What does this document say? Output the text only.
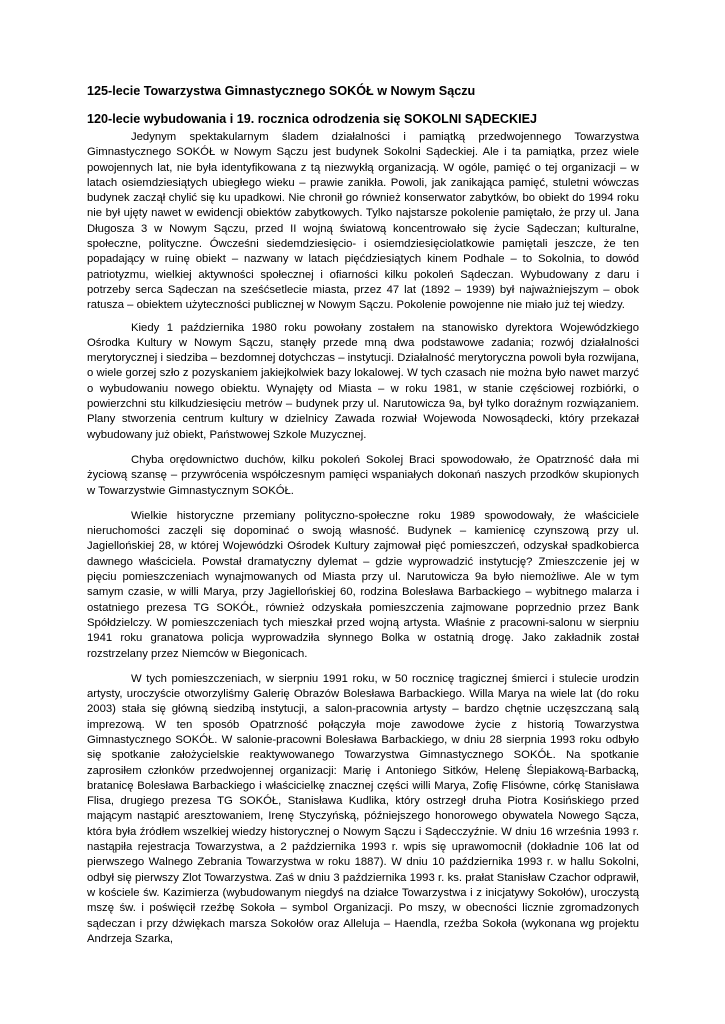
125-lecie Towarzystwa Gimnastycznego SOKÓŁ w Nowym Sączu
120-lecie wybudowania i 19. rocznica odrodzenia się SOKOLNI SĄDECKIEJ

Jedynym spektakularnym śladem działalności i pamiątką przedwojennego Towarzystwa Gimnastycznego SOKÓŁ w Nowym Sączu jest budynek Sokolni Sądeckiej. Ale i ta pamiątka, przez wiele powojennych lat, nie była identyfikowana z tą niezwykłą organizacją. W ogóle, pamięć o tej organizacji – w latach osiemdziesiątych ubiegłego wieku – prawie zanikła. Powoli, jak zanikająca pamięć, stuletni wówczas budynek zaczął chylić się ku upadkowi. Nie chronił go również konserwator zabytków, bo obiekt do 1994 roku nie był ujęty nawet w ewidencji obiektów zabytkowych. Tylko najstarsze pokolenie pamiętało, że przy ul. Jana Długosza 3 w Nowym Sączu, przed II wojną światową koncentrowało się życie Sądeczan; kulturalne, społeczne, polityczne. Ówcześni siedemdziesięcio- i osiemdziesięciolatkowie pamiętali jeszcze, że ten popadający w ruinę obiekt – nazwany w latach pięćdziesiątych kinem Podhale – to Sokolnia, to dowód patriotyzmu, wielkiej aktywności społecznej i ofiarności kilku pokoleń Sądeczan. Wybudowany z daru i potrzeby serca Sądeczan na sześćsetlecie miasta, przez 47 lat (1892 – 1939) był najważniejszym – obok ratusza – obiektem użyteczności publicznej w Nowym Sączu. Pokolenie powojenne nie miało już tej wiedzy.

Kiedy 1 października 1980 roku powołany zostałem na stanowisko dyrektora Wojewódzkiego Ośrodka Kultury w Nowym Sączu, stanęły przede mną dwa podstawowe zadania; rozwój działalności merytorycznej i siedziba – bezdomnej dotychczas – instytucji. Działalność merytoryczna powoli była rozwijana, o wiele gorzej szło z pozyskaniem jakiejkolwiek bazy lokalowej. W tych czasach nie można było nawet marzyć o wybudowaniu nowego obiektu. Wynajęty od Miasta – w roku 1981, w stanie częściowej rozbiórki, o powierzchni stu kilkudziesięciu metrów – budynek przy ul. Narutowicza 9a, był tylko doraźnym rozwiązaniem. Plany stworzenia centrum kultury w dzielnicy Zawada rozwiał Wojewoda Nowosądecki, który przekazał wybudowany już obiekt, Państwowej Szkole Muzycznej.

Chyba orędownictwo duchów, kilku pokoleń Sokolej Braci spowodowało, że Opatrzność dała mi życiową szansę – przywrócenia współczesnym pamięci wspaniałych dokonań naszych przodków skupionych w Towarzystwie Gimnastycznym SOKÓŁ.

Wielkie historyczne przemiany polityczno-społeczne roku 1989 spowodowały, że właściciele nieruchomości zaczęli się dopominać o swoją własność. Budynek – kamienicę czynszową przy ul. Jagiellońskiej 28, w której Wojewódzki Ośrodek Kultury zajmował pięć pomieszczeń, odzyskał spadkobierca dawnego właściciela. Powstał dramatyczny dylemat – gdzie wyprowadzić instytucję? Zmieszczenie jej w pięciu pomieszczeniach wynajmowanych od Miasta przy ul. Narutowicza 9a było niemożliwe. Ale w tym samym czasie, w willi Marya, przy Jagiellońskiej 60, rodzina Bolesława Barbackiego – wybitnego malarza i ostatniego prezesa TG SOKÓŁ, również odzyskała pomieszczenia zajmowane poprzednio przez Bank Spółdzielczy. W pomieszczeniach tych mieszkał przed wojną artysta. Właśnie z pracowni-salonu w sierpniu 1941 roku granatowa policja wyprowadziła słynnego Bolka w ostatnią drogę. Jako zakładnik został rozstrzelany przez Niemców w Biegonicach.

W tych pomieszczeniach, w sierpniu 1991 roku, w 50 rocznicę tragicznej śmierci i stulecie urodzin artysty, uroczyście otworzyliśmy Galerię Obrazów Bolesława Barbackiego. Willa Marya na wiele lat (do roku 2003) stała się główną siedzibą instytucji, a salon-pracownia artysty – bardzo chętnie uczęszczaną salą imprezową. W ten sposób Opatrzność połączyła moje zawodowe życie z historią Towarzystwa Gimnastycznego SOKÓŁ. W salonie-pracowni Bolesława Barbackiego, w dniu 28 sierpnia 1993 roku odbyło się spotkanie założycielskie reaktywowanego Towarzystwa Gimnastycznego SOKÓŁ. Na spotkanie zaprosiłem członków przedwojennej organizacji: Marię i Antoniego Sitków, Helenę Ślepiakową-Barbacką, bratanicę Bolesława Barbackiego i właścicielkę znacznej części willi Marya, Zofię Flisówne, córkę Stanisława Flisa, drugiego prezesa TG SOKÓŁ, Stanisława Kudlika, który ostrzegł druha Piotra Kosińskiego przed mającym nastąpić aresztowaniem, Irenę Styczyńską, późniejszego honorowego obywatela Nowego Sącza, która była źródłem wszelkiej wiedzy historycznej o Nowym Sączu i Sądecczyźnie. W dniu 16 września 1993 r. nastąpiła rejestracja Towarzystwa, a 2 października 1993 r. wpis się uprawomocnił (dokładnie 106 lat od pierwszego Walnego Zebrania Towarzystwa w roku 1887). W dniu 10 października 1993 r. w hallu Sokolni, odbył się pierwszy Zlot Towarzystwa. Zaś w dniu 3 października 1993 r. ks. prałat Stanisław Czachor odprawił, w kościele św. Kazimierza (wybudowanym niegdyś na działce Towarzystwa i z inicjatywy Sokołów), uroczystą mszę św. i poświęcił rzeźbę Sokoła – symbol Organizacji. Po mszy, w obecności licznie zgromadzonych sądeczan i przy dźwiękach marsza Sokołów oraz Alleluja – Haendla, rzeźba Sokoła (wykonana wg projektu Andrzeja Szarka,
